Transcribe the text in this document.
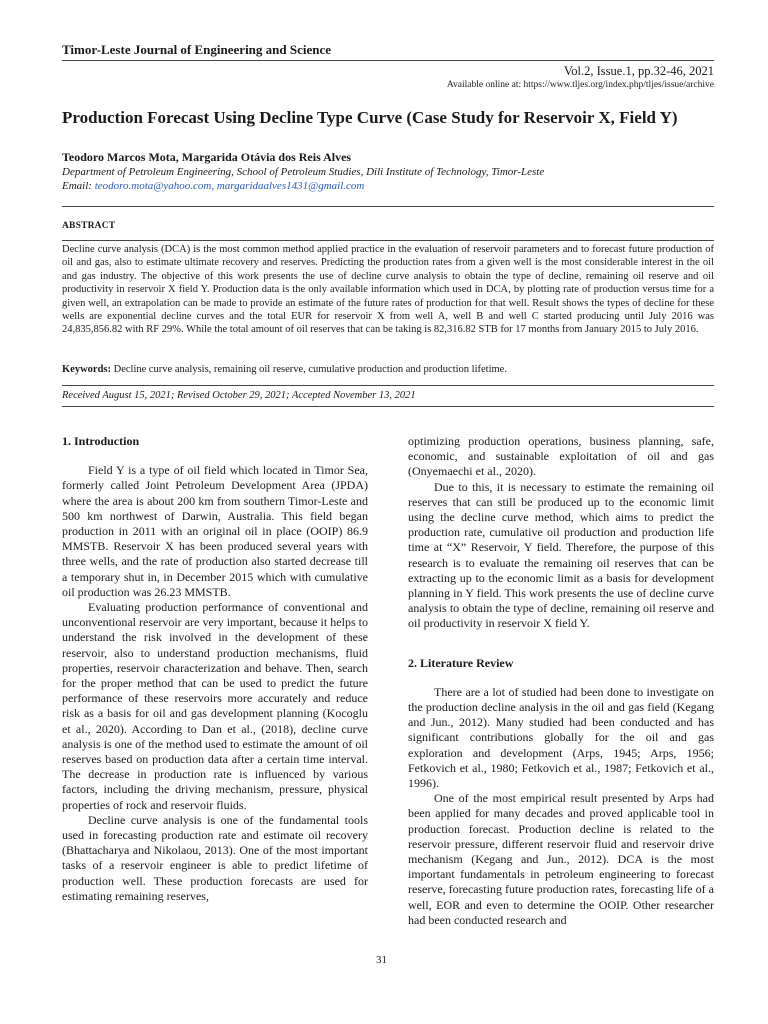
Timor-Leste Journal of Engineering and Science
Vol.2, Issue.1, pp.32-46, 2021
Available online at: https://www.tljes.org/index.php/tljes/issue/archive
Production Forecast Using Decline Type Curve (Case Study for Reservoir X, Field Y)
Teodoro Marcos Mota, Margarida Otávia dos Reis Alves
Department of Petroleum Engineering, School of Petroleum Studies, Dili Institute of Technology, Timor-Leste
Email: teodoro.mota@yahoo.com, margaridaalves1431@gmail.com
ABSTRACT
Decline curve analysis (DCA) is the most common method applied practice in the evaluation of reservoir parameters and to forecast future production of oil and gas, also to estimate ultimate recovery and reserves. Predicting the production rates from a given well is the most considerable interest in the oil and gas industry. The objective of this work presents the use of decline curve analysis to obtain the type of decline, remaining oil reserve and oil productivity in reservoir X field Y. Production data is the only available information which used in DCA, by plotting rate of production versus time for a given well, an extrapolation can be made to provide an estimate of the future rates of production for that well. Result shows the types of decline for these wells are exponential decline curves and the total EUR for reservoir X from well A, well B and well C started producing until July 2016 was 24,835,856.82 with RF 29%. While the total amount of oil reserves that can be taking is 82,316.82 STB for 17 months from January 2015 to July 2016.
Keywords: Decline curve analysis, remaining oil reserve, cumulative production and production lifetime.
Received August 15, 2021; Revised October 29, 2021; Accepted November 13, 2021
1. Introduction

Field Y is a type of oil field which located in Timor Sea, formerly called Joint Petroleum Development Area (JPDA) where the area is about 200 km from southern Timor-Leste and 500 km northwest of Darwin, Australia. This field began production in 2011 with an original oil in place (OOIP) 86.9 MMSTB. Reservoir X has been produced several years with three wells, and the rate of production also started decrease till a temporary shut in, in December 2015 which with cumulative oil production was 26.23 MMSTB.

Evaluating production performance of conventional and unconventional reservoir are very important, because it helps to understand the risk involved in the development of these reservoir, also to understand production mechanisms, fluid properties, reservoir characterization and behave. Then, search for the proper method that can be used to predict the future performance of these reservoirs more accurately and reduce risk as a basis for oil and gas development planning (Kocoglu et al., 2020). According to Dan et al., (2018), decline curve analysis is one of the method used to estimate the amount of oil reserves based on production data after a certain time interval. The decrease in production rate is influenced by various factors, including the driving mechanism, pressure, physical properties of rock and reservoir fluids.

Decline curve analysis is one of the fundamental tools used in forecasting production rate and estimate oil recovery (Bhattacharya and Nikolaou, 2013). One of the most important tasks of a reservoir engineer is able to predict lifetime of production well. These production forecasts are used for estimating remaining reserves,

optimizing production operations, business planning, safe, economic, and sustainable exploitation of oil and gas (Onyemaechi et al., 2020).

Due to this, it is necessary to estimate the remaining oil reserves that can still be produced up to the economic limit using the decline curve method, which aims to predict the production rate, cumulative oil production and production life time at “X” Reservoir, Y field. Therefore, the purpose of this research is to evaluate the remaining oil reserves that can be extracting up to the economic limit as a basis for development planning in Y field. This work presents the use of decline curve analysis to obtain the type of decline, remaining oil reserve and oil productivity in reservoir X field Y.

2. Literature Review

There are a lot of studied had been done to investigate on the production decline analysis in the oil and gas field (Kegang and Jun., 2012). Many studied had been conducted and has significant contributions globally for the oil and gas exploration and development (Arps, 1945; Arps, 1956; Fetkovich et al., 1980; Fetkovich et al., 1987; Fetkovich et al., 1996).

One of the most empirical result presented by Arps had been applied for many decades and proved applicable tool in production forecast. Production decline is related to the reservoir pressure, different reservoir fluid and reservoir drive mechanism (Kegang and Jun., 2012). DCA is the most important fundamentals in petroleum engineering to forecast reserve, forecasting future production rates, forecasting life of a well, EOR and even to determine the OOIP. Other researcher had been conducted research and

31
